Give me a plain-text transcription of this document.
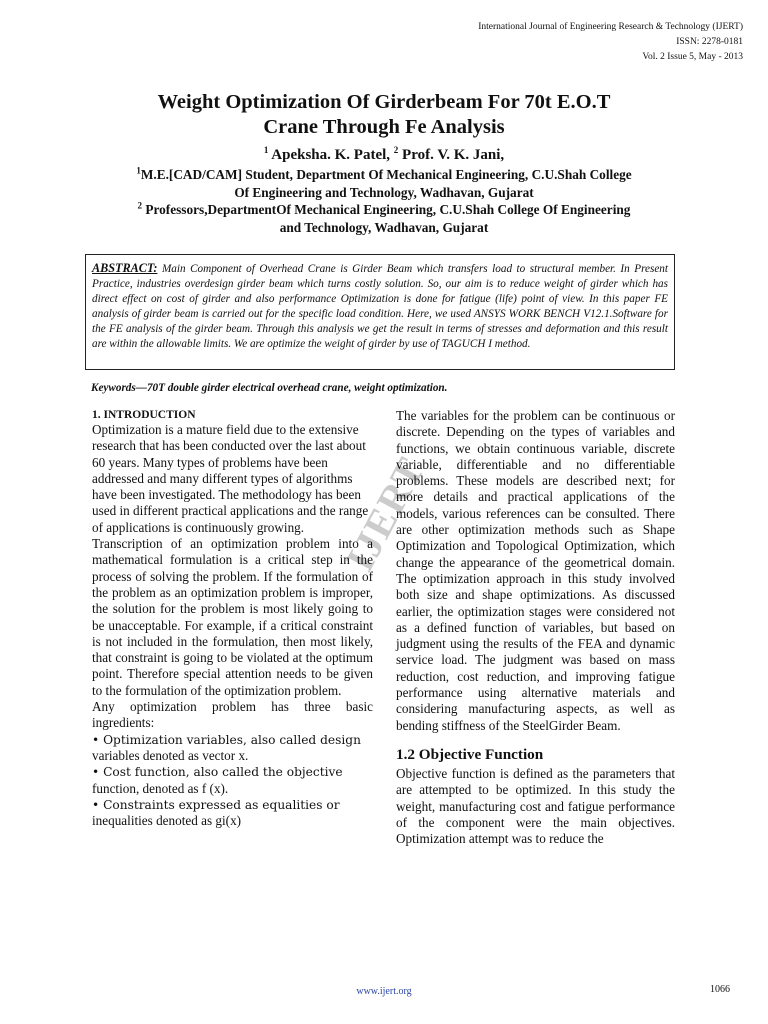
International Journal of Engineering Research & Technology (IJERT)
ISSN: 2278-0181
Vol. 2 Issue 5, May - 2013
Weight Optimization Of Girderbeam For 70t E.O.T
Crane Through Fe Analysis
$^1$ Apeksha. K. Patel, $^2$ Prof. V. K. Jani,
$^1$M.E.[CAD/CAM] Student, Department Of Mechanical Engineering, C.U.Shah College
Of Engineering and Technology, Wadhavan, Gujarat
$^2$ Professors,DepartmentOf Mechanical Engineering, C.U.Shah College Of Engineering
and Technology, Wadhavan, Gujarat
ABSTRACT: Main Component of Overhead Crane is Girder Beam which transfers load to structural member. In Present Practice, industries overdesign girder beam which turns costly solution. So, our aim is to reduce weight of girder which has direct effect on cost of girder and also performance Optimization is done for fatigue (life) point of view. In this paper FE analysis of girder beam is carried out for the specific load condition. Here, we used ANSYS WORK BENCH V12.1.Software for the FE analysis of the girder beam. Through this analysis we get the result in terms of stresses and deformation and this result are within the allowable limits. We are optimize the weight of girder by use of TAGUCH I method.
Keywords—70T double girder electrical overhead crane, weight optimization.
IJERT

1. INTRODUCTION

Optimization is a mature field due to the extensive research that has been conducted over the last about 60 years. Many types of problems have been addressed and many different types of algorithms have been investigated. The methodology has been used in different practical applications and the range of applications is continuously growing.

Transcription of an optimization problem into a mathematical formulation is a critical step in the process of solving the problem. If the formulation of the problem as an optimization problem is improper, the solution for the problem is most likely going to be unacceptable. For example, if a critical constraint is not included in the formulation, then most likely, that constraint is going to be violated at the optimum point. Therefore special attention needs to be given to the formulation of the optimization problem.

Any optimization problem has three basic ingredients:

• Optimization variables, also called design
variables denoted as vector x.

• Cost function, also called the objective
function, denoted as f (x).

• Constraints expressed as equalities or
inequalities denoted as gi(x)

The variables for the problem can be continuous or discrete. Depending on the types of variables and functions, we obtain continuous variable, discrete variable, differentiable and no differentiable problems. These models are described next; for more details and practical applications of the models, various references can be consulted. There are other optimization methods such as Shape Optimization and Topological Optimization, which change the appearance of the geometrical domain. The optimization approach in this study involved both size and shape optimizations. As discussed earlier, the optimization stages were considered not as a defined function of variables, but based on judgment using the results of the FEA and dynamic service load. The judgment was based on mass reduction, cost reduction, and improving fatigue performance using alternative materials and considering manufacturing aspects, as well as bending stiffness of the SteelGirder Beam.

1.2 Objective Function

Objective function is defined as the parameters that are attempted to be optimized. In this study the weight, manufacturing cost and fatigue performance of the component were the main objectives. Optimization attempt was to reduce the

www.ijert.org	1066
